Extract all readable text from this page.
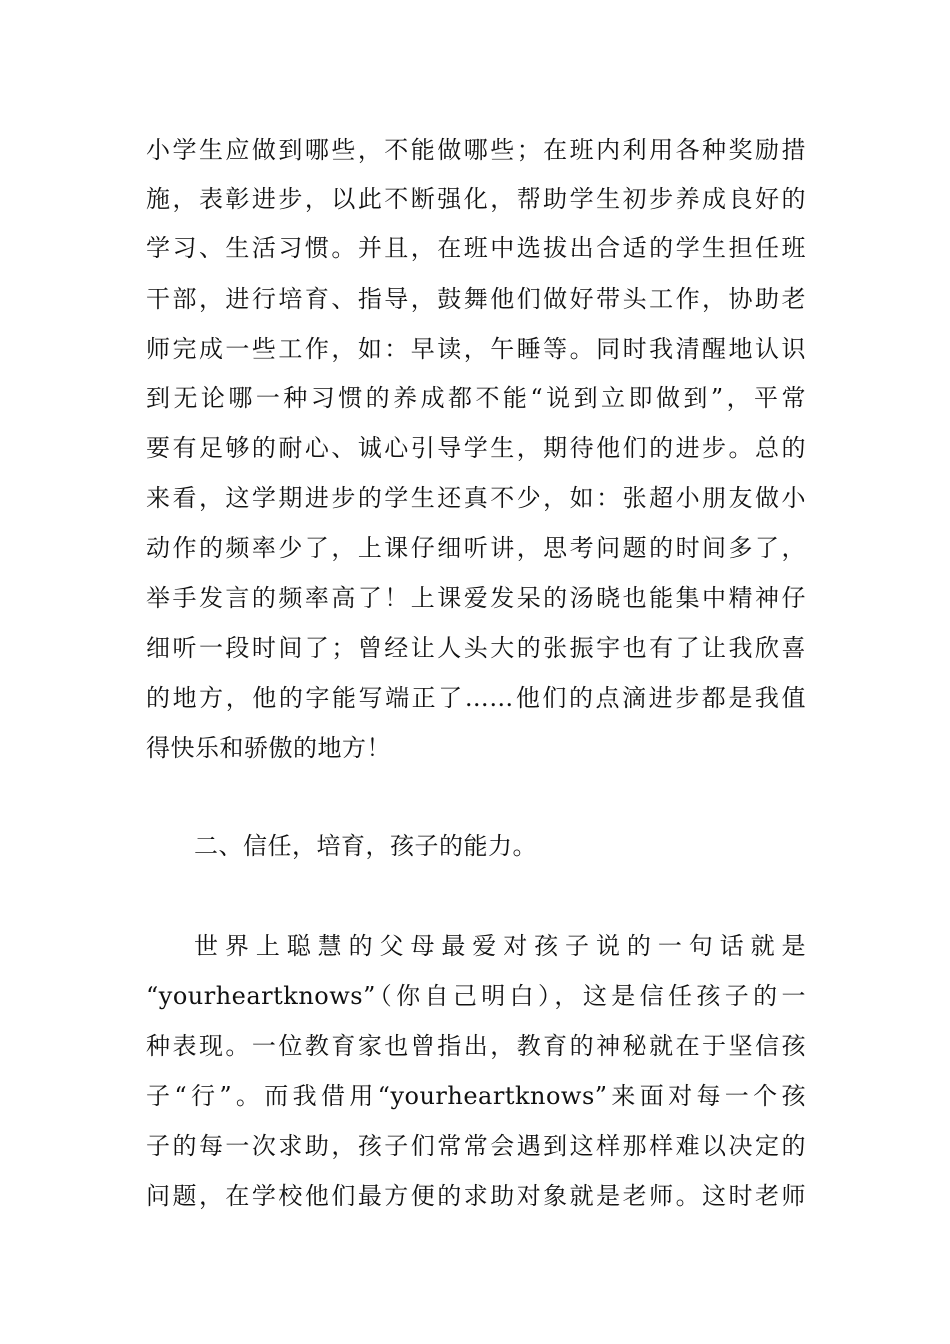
小学生应做到哪些，不能做哪些；在班内利用各种奖励措
施，表彰进步，以此不断强化，帮助学生初步养成良好的
学习、生活习惯。并且，在班中选拔出合适的学生担任班
干部，进行培育、指导，鼓舞他们做好带头工作，协助老
师完成一些工作，如：早读，午睡等。同时我清醒地认识
到无论哪一种习惯的养成都不能“说到立即做到”，平常
要有足够的耐心、诚心引导学生，期待他们的进步。总的
来看，这学期进步的学生还真不少，如：张超小朋友做小
动作的频率少了，上课仔细听讲，思考问题的时间多了，
举手发言的频率高了！上课爱发呆的汤晓也能集中精神仔
细听一段时间了；曾经让人头大的张振宇也有了让我欣喜
的地方，他的字能写端正了……他们的点滴进步都是我值
得快乐和骄傲的地方！
二、信任，培育，孩子的能力。
世界上聪慧的父母最爱对孩子说的一句话就是
“yourheartknows”（你自己明白），这是信任孩子的一
种表现。一位教育家也曾指出，教育的神秘就在于坚信孩
子“行”。而我借用“yourheartknows”来面对每一个孩
子的每一次求助，孩子们常常会遇到这样那样难以决定的
问题，在学校他们最方便的求助对象就是老师。这时老师
